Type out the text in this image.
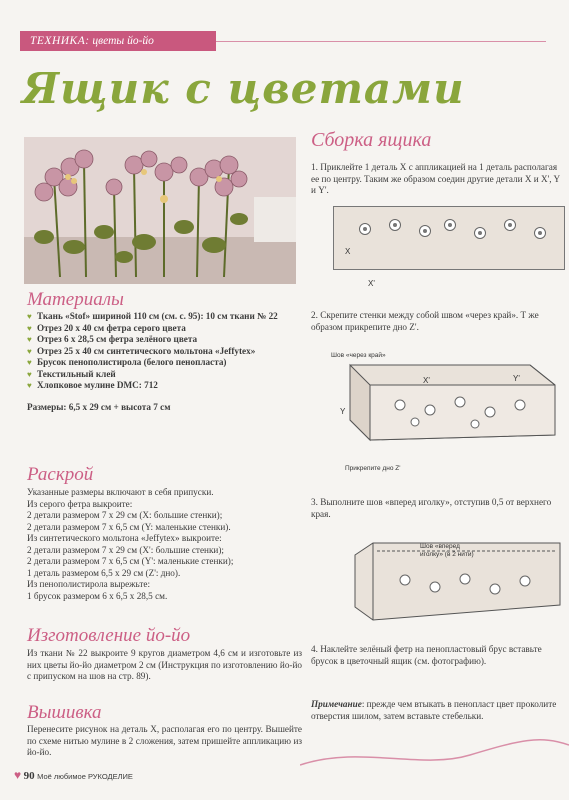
ТЕХНИКА: цветы йо-йо
Ящик с цветами
Материалы
♥ Ткань «Stof» шириной 110 см (см. с. 95): 10 см ткани № 22
♥ Отрез 20 х 40 см фетра серого цвета
♥ Отрез 6 х 28,5 см фетра зелёного цвета
♥ Отрез 25 х 40 см синтетического мольтона «Jeffytex»
♥ Брусок пенополистирола (белого пенопласта)
♥ Текстильный клей
♥ Хлопковое мулине DMC: 712

Размеры: 6,5 х 29 см + высота 7 см

Раскрой

Указанные размеры включают в себя припуски.

Из серого фетра выкроите:

2 детали размером 7 х 29 см (X: большие стенки);

2 детали размером 7 х 6,5 см (Y: маленькие стенки).

Из синтетического мольтона «Jeffytex» выкроите:

2 детали размером 7 х 29 см (X': большие стенки);

2 детали размером 7 х 6,5 см (Y': маленькие стенки);

1 деталь размером 6,5 х 29 см (Z': дно).

Из пенополистирола вырежьте:

1 брусок размером 6 х 6,5 х 28,5 см.

Изготовление йо-йо
Из ткани № 22 выкроите 9 кругов диаметром 4,6 см и изготовьте из них цветы йо-йо диаметром 2 см (Инструкция по изготовлению йо-йо с припуском на шов на стр. 89).
Вышивка
Перенесите рисунок на деталь X, располагая его по центру. Вышейте по схеме нитью мулине в 2 сложения, затем пришейте аппликацию из йо-йо.
Сборка ящика
1. Приклейте 1 деталь X с аппликацией на 1 деталь располагая ее по центру. Таким же образом соедин другие детали X и X', Y и Y'.
X
X'
2. Скрепите стенки между собой швом «через край». Т же образом прикрепите дно Z'.
Шов «через край»
X'	Y'
Y
Прикрепите дно Z'
3. Выполните шов «вперед иголку», отступив 0,5 от верхнего края.
Шов «вперед иголку» (в 2 нити)
4. Наклейте зелёный фетр на пенопластовый брус вставьте брусок в цветочный ящик (см. фотографию).
Примечание: прежде чем втыкать в пенопласт цвет проколите отверстия шилом, затем вставьте стебельки.
♥ 90 Моё любимое РУКОДЕЛИЕ
